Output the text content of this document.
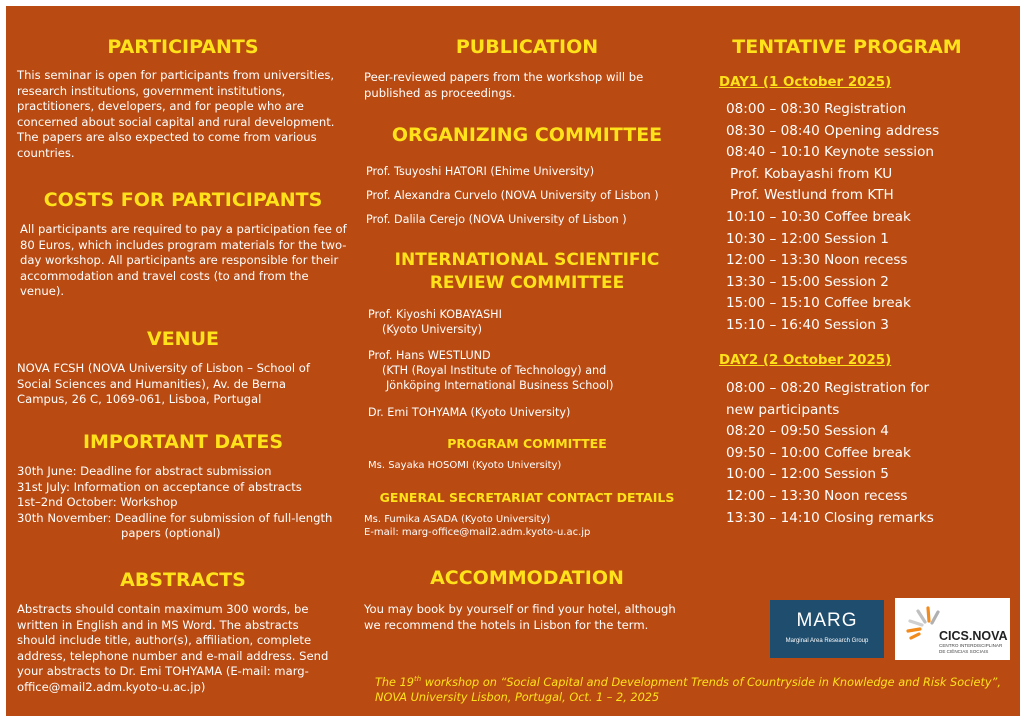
PARTICIPANTS

This seminar is open for participants from universities, research institutions, government institutions, practitioners, developers, and for people who are concerned about social capital and rural development. The papers are also expected to come from various countries.

COSTS FOR PARTICIPANTS

All participants are required to pay a participation fee of 80 Euros, which includes program materials for the two-day workshop. All participants are responsible for their accommodation and travel costs (to and from the venue).

VENUE

NOVA FCSH (NOVA University of Lisbon – School of Social Sciences and Humanities), Av. de Berna Campus, 26 C, 1069-061, Lisboa, Portugal

IMPORTANT DATES

30th June: Deadline for abstract submission

31st July: Information on acceptance of abstracts

1st–2nd October: Workshop

30th November: Deadline for submission of full-length papers (optional)

ABSTRACTS

Abstracts should contain maximum 300 words, be written in English and in MS Word. The abstracts should include title, author(s), affiliation, complete address, telephone number and e-mail address. Send your abstracts to Dr. Emi TOHYAMA (E-mail: marg-office@mail2.adm.kyoto-u.ac.jp)

PUBLICATION

Peer-reviewed papers from the workshop will be published as proceedings.

ORGANIZING COMMITTEE

Prof. Tsuyoshi HATORI (Ehime University)

Prof. Alexandra Curvelo (NOVA University of Lisbon )

Prof. Dalila Cerejo (NOVA University of Lisbon )

INTERNATIONAL SCIENTIFIC
REVIEW COMMITTEE

Prof. Kiyoshi KOBAYASHI
(Kyoto University)

Prof. Hans WESTLUND
(KTH (Royal Institute of Technology) and
Jönköping International Business School)

Dr. Emi TOHYAMA (Kyoto University)

PROGRAM COMMITTEE

Ms. Sayaka HOSOMI (Kyoto University)

GENERAL SECRETARIAT CONTACT DETAILS

Ms. Fumika ASADA (Kyoto University)

E-mail: marg-office@mail2.adm.kyoto-u.ac.jp

ACCOMMODATION

You may book by yourself or find your hotel, although we recommend the hotels in Lisbon for the term.

TENTATIVE PROGRAM

DAY1 (1 October 2025)

08:00 – 08:30 Registration

08:30 – 08:40 Opening address

08:40 – 10:10 Keynote session

Prof. Kobayashi from KU

Prof. Westlund from KTH

10:10 – 10:30 Coffee break

10:30 – 12:00 Session 1

12:00 – 13:30 Noon recess

13:30 – 15:00 Session 2

15:00 – 15:10 Coffee break

15:10 – 16:40 Session 3

DAY2 (2 October 2025)

08:00 – 08:20 Registration for new participants

08:20 – 09:50 Session 4

09:50 – 10:00 Coffee break

10:00 – 12:00 Session 5

12:00 – 13:30 Noon recess

13:30 – 14:10 Closing remarks

MARG
Marginal Area Research Group	CICS.NOVA
CENTRO INTERDISCIPLINAR
DE CIÊNCIAS SOCIAIS

The 19th workshop on “Social Capital and Development Trends of Countryside in Knowledge and Risk Society”, NOVA University Lisbon, Portugal, Oct. 1 – 2, 2025
